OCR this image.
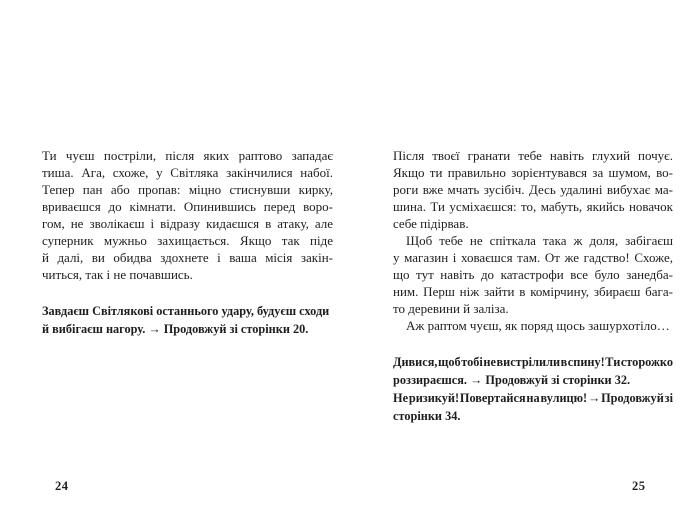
Ти чуєш постріли, після яких раптово западає
тиша. Ага, схоже, у Світляка закінчилися набої.
Тепер пан або пропав: міцно стиснувши кирку,
вриваєшся до кімнати. Опинившись перед воро-
гом, не зволікаєш і відразу кидаєшся в атаку, але
суперник мужньо захищається. Якщо так піде
й далі, ви обидва здохнете і ваша місія закін-
читься, так і не почавшись.
Завдаєш Світлякові останнього удару, будуєш сходи
й вибігаєш нагору. → Продовжуй зі сторінки 20.
Після твоєї гранати тебе навіть глухий почує.
Якщо ти правильно зорієнтувався за шумом, во-
роги вже мчать зусібіч. Десь удалині вибухає ма-
шина. Ти усміхаєшся: то, мабуть, якийсь новачок
себе підірвав.
 Щоб тебе не спіткала така ж доля, забігаєш
у магазин і ховаєшся там. От же гадство! Схоже,
що тут навіть до катастрофи все було занедба-
ним. Перш ніж зайти в комірчину, збираєш бага-
то деревини й заліза.
 Аж раптом чуєш, як поряд щось зашурхотіло…
Дивися, щоб тобі не вистрілили в спину! Ти сторожко
роззираєшся. → Продовжуй зі сторінки 32.
Не ризикуй! Повертайся на вулицю! → Продовжуй зі
сторінки 34.
24	25
